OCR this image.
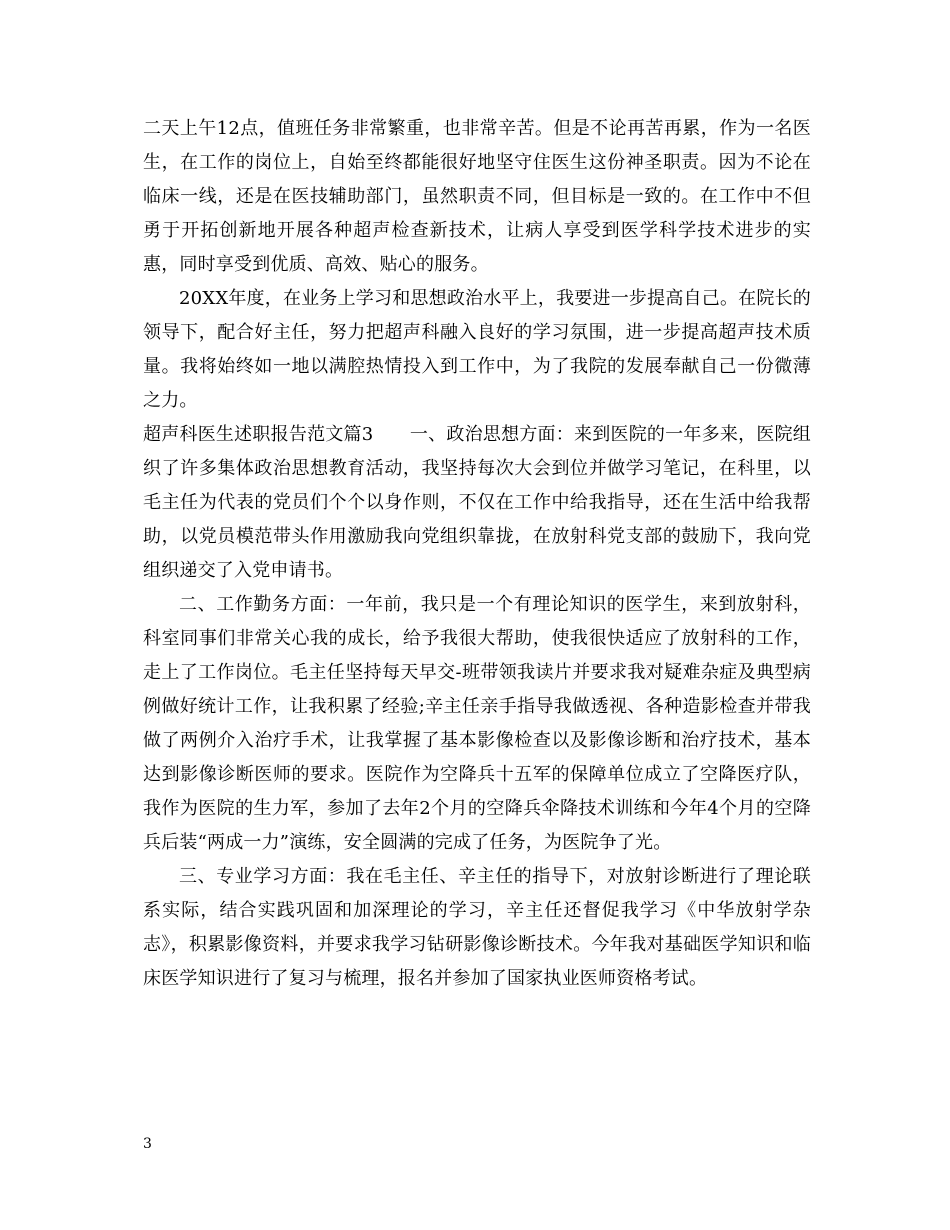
二天上午12点，值班任务非常繁重，也非常辛苦。但是不论再苦再累，作为一名医生，在工作的岗位上，自始至终都能很好地坚守住医生这份神圣职责。因为不论在临床一线，还是在医技辅助部门，虽然职责不同，但目标是一致的。在工作中不但勇于开拓创新地开展各种超声检查新技术，让病人享受到医学科学技术进步的实惠，同时享受到优质、高效、贴心的服务。

20XX年度，在业务上学习和思想政治水平上，我要进一步提高自己。在院长的领导下，配合好主任，努力把超声科融入良好的学习氛围，进一步提高超声技术质量。我将始终如一地以满腔热情投入到工作中，为了我院的发展奉献自己一份微薄之力。

超声科医生述职报告范文篇3　　一、政治思想方面：来到医院的一年多来，医院组织了许多集体政治思想教育活动，我坚持每次大会到位并做学习笔记，在科里，以毛主任为代表的党员们个个以身作则，不仅在工作中给我指导，还在生活中给我帮助，以党员模范带头作用激励我向党组织靠拢，在放射科党支部的鼓励下，我向党组织递交了入党申请书。

二、工作勤务方面：一年前，我只是一个有理论知识的医学生，来到放射科，科室同事们非常关心我的成长，给予我很大帮助，使我很快适应了放射科的工作，走上了工作岗位。毛主任坚持每天早交-班带领我读片并要求我对疑难杂症及典型病例做好统计工作，让我积累了经验;辛主任亲手指导我做透视、各种造影检查并带我做了两例介入治疗手术，让我掌握了基本影像检查以及影像诊断和治疗技术，基本达到影像诊断医师的要求。医院作为空降兵十五军的保障单位成立了空降医疗队，我作为医院的生力军，参加了去年2个月的空降兵伞降技术训练和今年4个月的空降兵后装“两成一力”演练，安全圆满的完成了任务，为医院争了光。

三、专业学习方面：我在毛主任、辛主任的指导下，对放射诊断进行了理论联系实际，结合实践巩固和加深理论的学习，辛主任还督促我学习《中华放射学杂志》，积累影像资料，并要求我学习钻研影像诊断技术。今年我对基础医学知识和临床医学知识进行了复习与梳理，报名并参加了国家执业医师资格考试。

3
